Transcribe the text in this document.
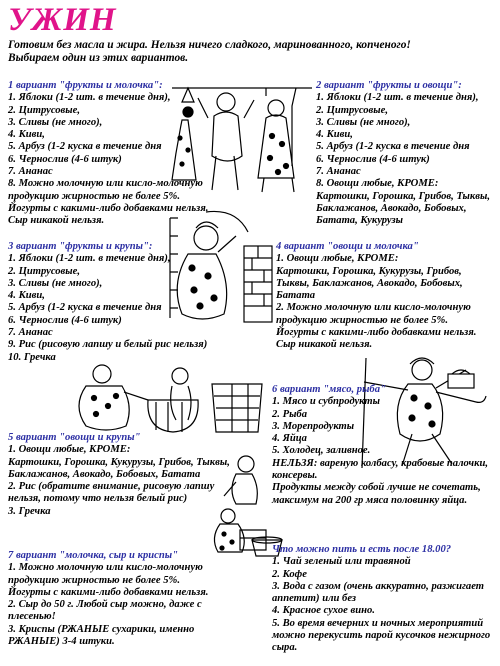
УЖИН
Готовим без масла и жира. Нельзя ничего сладкого, маринованного, копченого!
Выбираем один из этих вариантов.
1 вариант "фрукты и молочка":
1. Яблоки (1-2 шт. в течение дня),
2. Цитрусовые,
3. Сливы (не много),
4. Киви,
5. Арбуз (1-2 куска в течение дня
6. Чернослив (4-6 штук)
7. Ананас
8. Можно молочную или кисло-молочную
продукцию жирностью не более 5%.
Йогурты с какими-либо добавками нельзя.
Сыр никакой нельзя.
2 вариант "фрукты и овощи":
1. Яблоки (1-2 шт. в течение дня),
2. Цитрусовые,
3. Сливы (не много),
4. Киви,
5. Арбуз (1-2 куска в течение дня
6. Чернослив (4-6 штук)
7. Ананас
8. Овощи любые, КРОМЕ:
Картошки, Горошка, Грибов, Тыквы,
Баклажанов, Авокадо, Бобовых,
Батата, Кукурузы
3 вариант "фрукты и крупы":
1. Яблоки (1-2 шт. в течение дня),
2. Цитрусовые,
3. Сливы (не много),
4. Киви,
5. Арбуз (1-2 куска в течение дня
6. Чернослив (4-6 штук)
7. Ананас
9. Рис (рисовую лапшу и белый рис нельзя)
10. Гречка
4 вариант "овощи и молочка"
1. Овощи любые, КРОМЕ:
Картошки, Горошка, Кукурузы, Грибов,
Тыквы, Баклажанов, Авокадо, Бобовых,
Батата
2. Можно молочную или кисло-молочную
продукцию жирностью не более 5%.
Йогурты с какими-либо добавками нельзя.
Сыр никакой нельзя.
5 вариант "овощи и крупы"
1. Овощи любые, КРОМЕ:
Картошки, Горошка, Кукурузы, Грибов, Тыквы,
Баклажанов, Авокадо, Бобовых, Батата
2. Рис (обратите внимание, рисовую лапшу
нельзя, потому что нельзя белый рис)
3. Гречка
6 вариант "мясо, рыба"
1. Мясо и субпродукты
2. Рыба
3. Морепродукты
4. Яйца
5. Холодец, заливное.
НЕЛЬЗЯ: вареную колбасу, крабовые палочки,
консервы.
Продукты между собой лучше не сочетать,
максимум на 200 гр мяса половинку яйца.
7 вариант "молочка, сыр и криспы"
1. Можно молочную или кисло-молочную
продукцию жирностью не более 5%.
Йогурты с какими-либо добавками нельзя.
2. Сыр до 50 г. Любой сыр можно, даже с
плесенью!
3. Криспы (РЖАНЫЕ сухарики, именно
РЖАНЫЕ) 3-4 штуки.
Что можно пить и есть после 18.00?
1. Чай зеленый или травяной
2. Кофе
3. Вода с газом (очень аккуратно, разжигает
аппетит) или без
4. Красное сухое вино.
5. Во время вечерних и ночных мероприятий
можно перекусить парой кусочков нежирного
сыра.
